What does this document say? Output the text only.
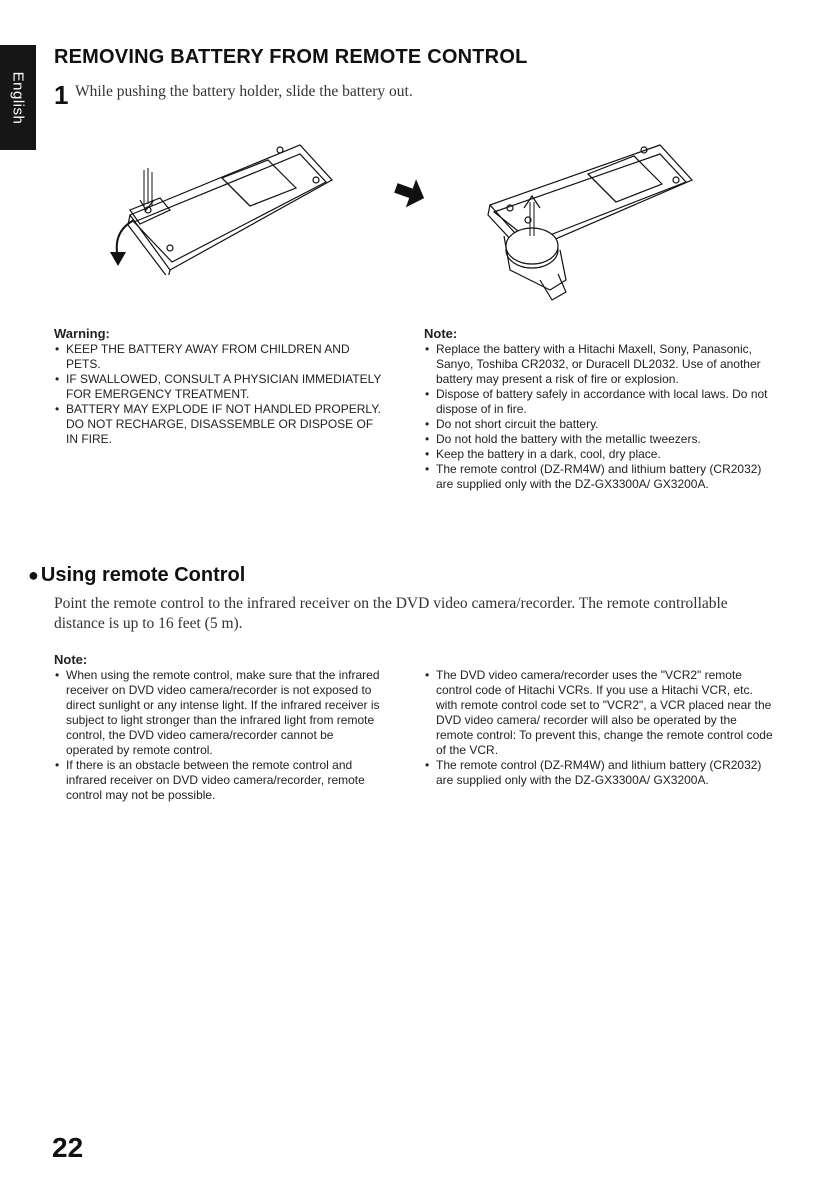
English
REMOVING BATTERY FROM REMOTE CONTROL
1 While pushing the battery holder, slide the battery out.
Warning:
• KEEP THE BATTERY AWAY FROM CHILDREN AND PETS.
• IF SWALLOWED, CONSULT A PHYSICIAN IMMEDIATELY FOR EMERGENCY TREATMENT.
• BATTERY MAY EXPLODE IF NOT HANDLED PROPERLY. DO NOT RECHARGE, DISASSEMBLE OR DISPOSE OF IN FIRE.
Note:
• Replace the battery with a Hitachi Maxell, Sony, Panasonic, Sanyo, Toshiba CR2032, or Duracell DL2032. Use of another battery may present a risk of fire or explosion.
• Dispose of battery safely in accordance with local laws. Do not dispose of in fire.
• Do not short circuit the battery.
• Do not hold the battery with the metallic tweezers.
• Keep the battery in a dark, cool, dry place.
• The remote control (DZ-RM4W) and lithium battery (CR2032) are supplied only with the DZ-GX3300A/ GX3200A.
● Using remote Control
Point the remote control to the infrared receiver on the DVD video camera/recorder. The remote controllable distance is up to 16 feet (5 m).
Note:
• When using the remote control, make sure that the infrared receiver on DVD video camera/recorder is not exposed to direct sunlight or any intense light. If the infrared receiver is subject to light stronger than the infrared light from remote control, the DVD video camera/recorder cannot be operated by remote control.
• If there is an obstacle between the remote control and infrared receiver on DVD video camera/recorder, remote control may not be possible.
• The DVD video camera/recorder uses the "VCR2" remote control code of Hitachi VCRs. If you use a Hitachi VCR, etc. with remote control code set to "VCR2", a VCR placed near the DVD video camera/ recorder will also be operated by the remote control: To prevent this, change the remote control code of the VCR.
• The remote control (DZ-RM4W) and lithium battery (CR2032) are supplied only with the DZ-GX3300A/ GX3200A.
22
